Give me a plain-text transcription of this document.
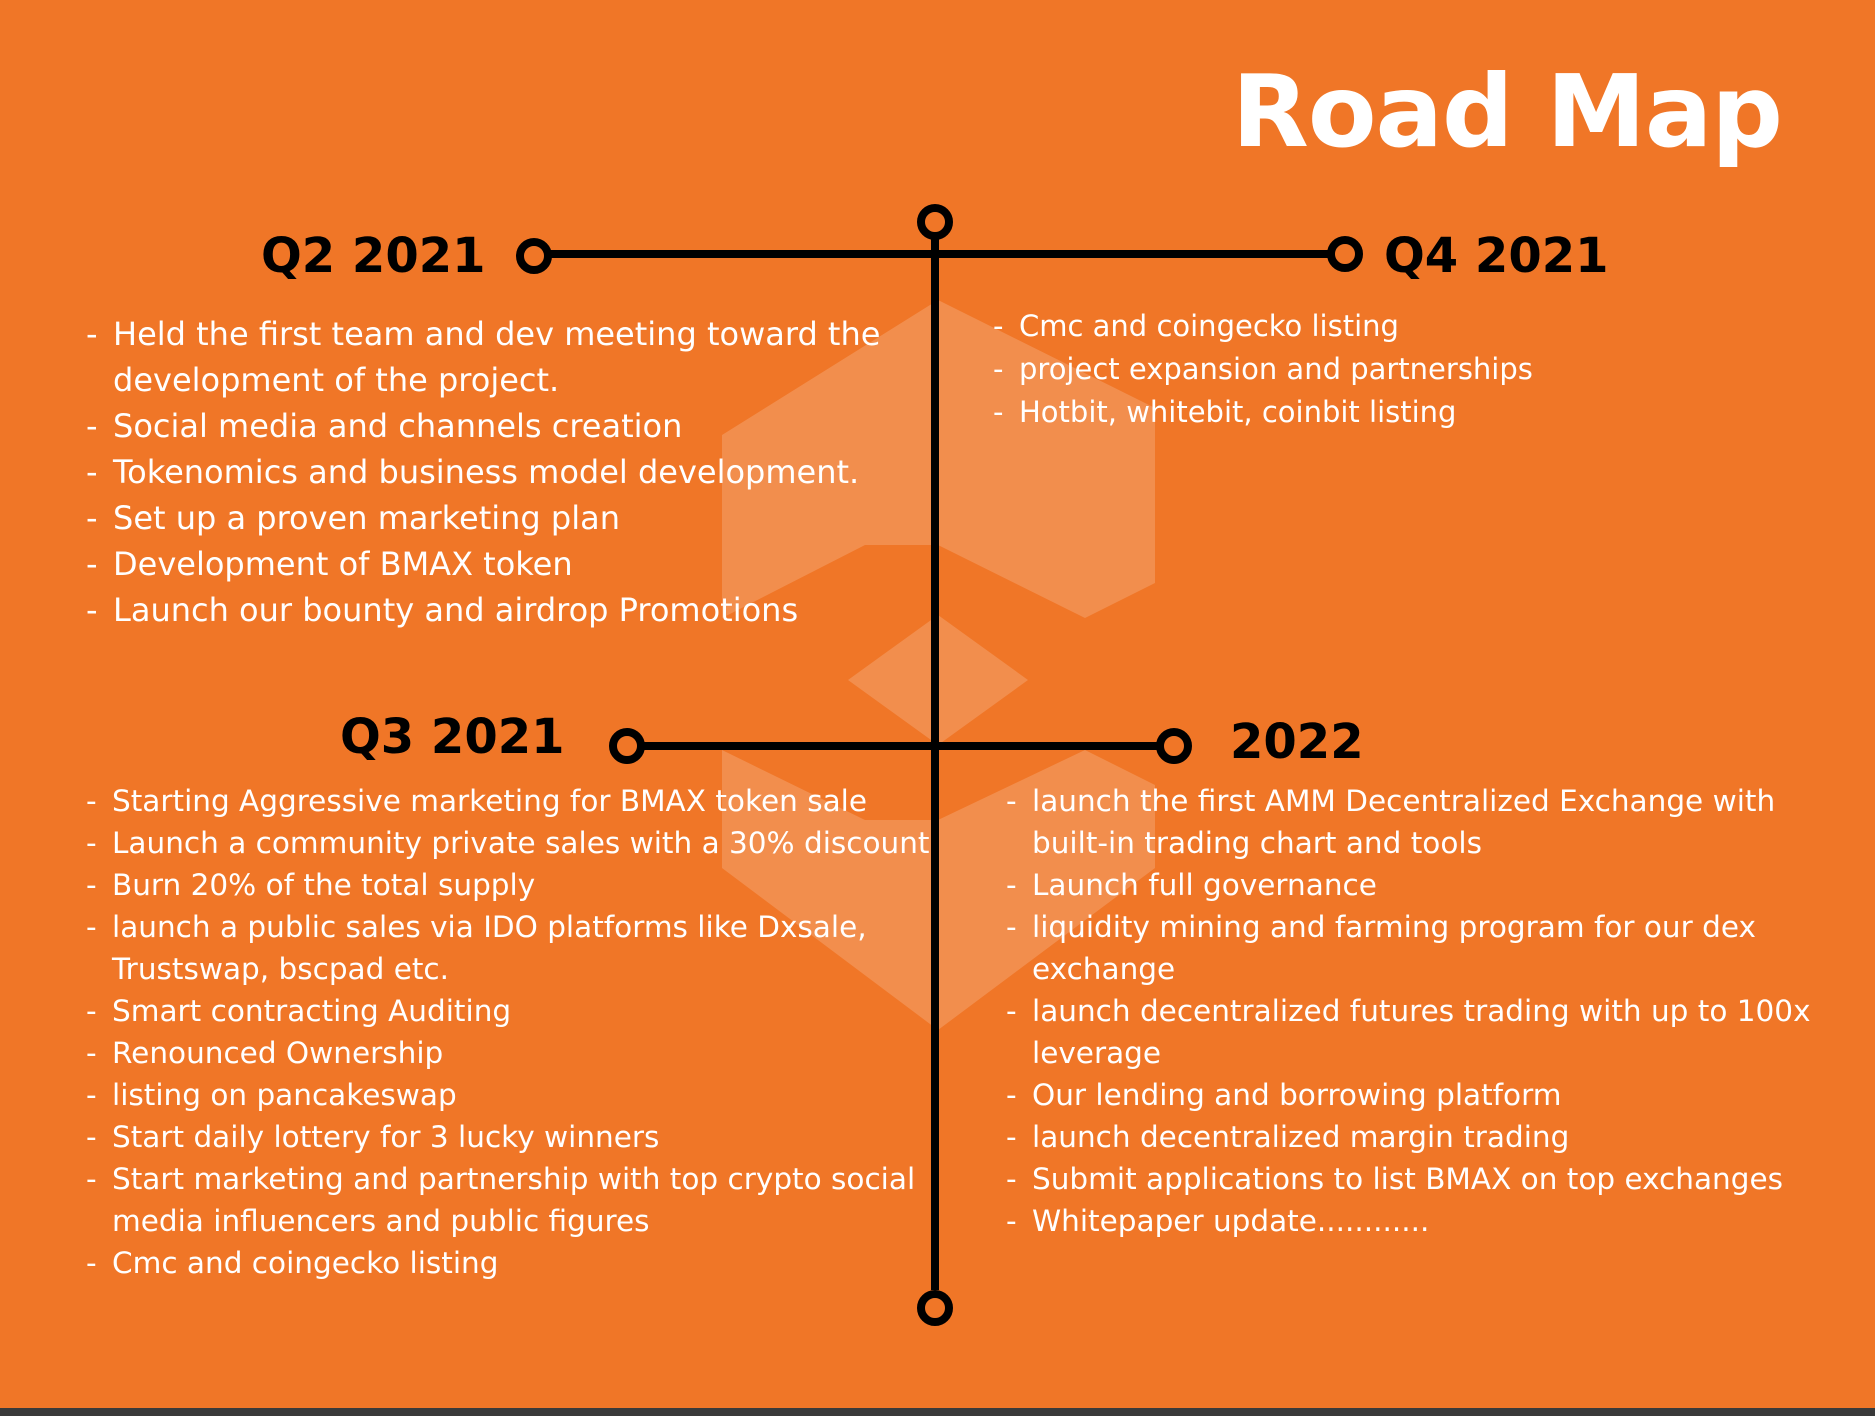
Road Map
Q2 2021	Q4 2021
Q3 2021	2022
- Held the first team and dev meeting toward the development of the project.
- Social media and channels creation
- Tokenomics and business model development.
- Set up a proven marketing plan
- Development of BMAX token
- Launch our bounty and airdrop Promotions
- Cmc and coingecko listing
- project expansion and partnerships
- Hotbit, whitebit, coinbit listing
- Starting Aggressive marketing for BMAX token sale
- Launch a community private sales with a 30% discount
- Burn 20% of the total supply
- launch a public sales via IDO platforms like Dxsale, Trustswap, bscpad etc.
- Smart contracting Auditing
- Renounced Ownership
- listing on pancakeswap
- Start daily lottery for 3 lucky winners
- Start marketing and partnership with top crypto social media influencers and public figures
- Cmc and coingecko listing
- launch the first AMM Decentralized Exchange with built-in trading chart and tools
- Launch full governance
- liquidity mining and farming program for our dex exchange
- launch decentralized futures trading with up to 100x leverage
- Our lending and borrowing platform
- launch decentralized margin trading
- Submit applications to list BMAX on top exchanges
- Whitepaper update............
